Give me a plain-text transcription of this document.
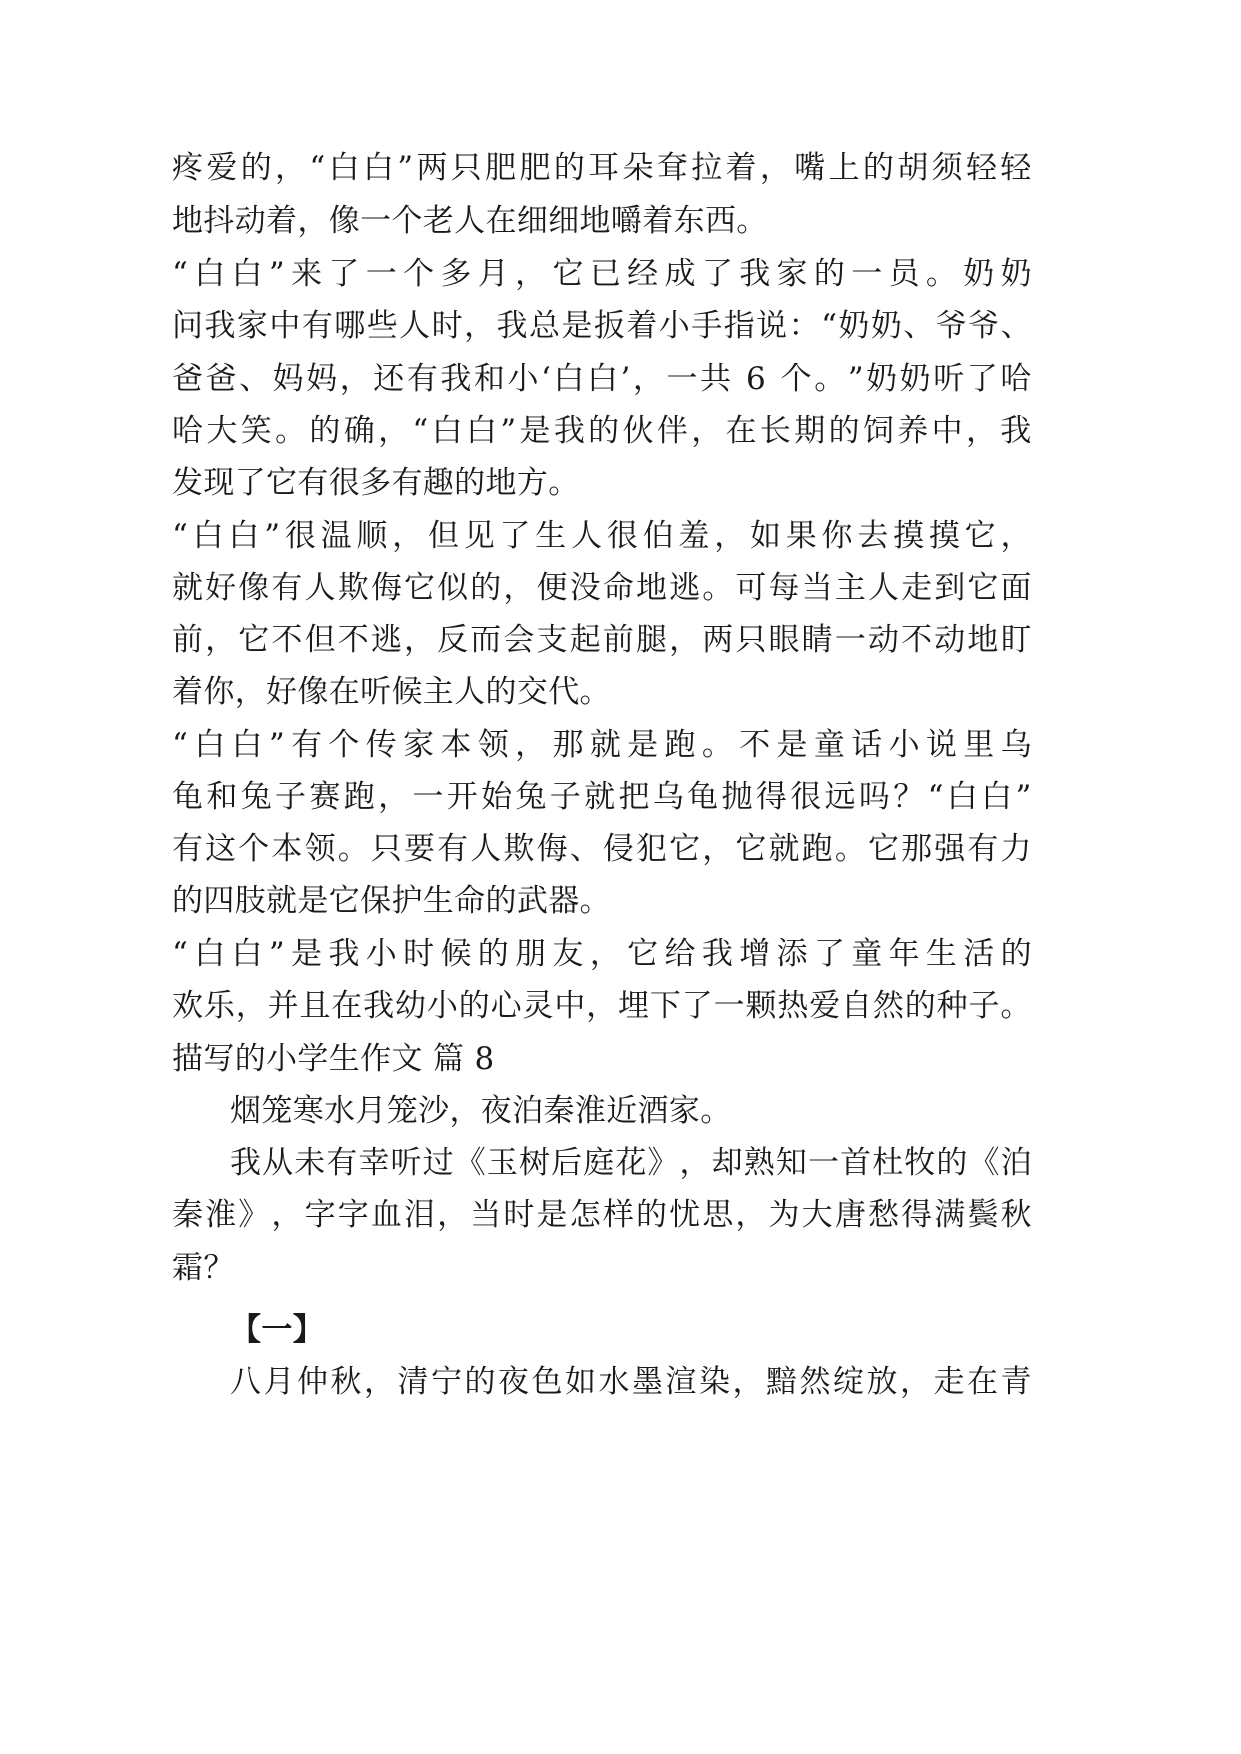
疼 爱 的 ， “ 白 白 ” 两 只 肥 肥 的 耳 朵 耷 拉 着 ， 嘴 上 的 胡 须 轻 轻
地抖动着，像一个老人在细细地嚼着东西。
“ 白 白 ” 来 了 一 个 多 月 ， 它 已 经 成 了 我 家 的 一 员 。 奶 奶
问 我 家 中 有 哪 些 人 时 ， 我 总 是 扳 着 小 手 指 说 ： “ 奶 奶 、 爷 爷 、
爸 爸 、 妈 妈 ， 还 有 我 和 小 ‘ 白 白 ’ ， 一 共
6
个 。 ” 奶 奶 听 了 哈
哈 大 笑 。 的 确 ， “ 白 白 ” 是 我 的 伙 伴 ， 在 长 期 的 饲 养 中 ， 我
发现了它有很多有趣的地方。
“ 白 白 ” 很 温 顺 ， 但 见 了 生 人 很 伯 羞 ， 如 果 你 去 摸 摸 它 ，
就 好 像 有 人 欺 侮 它 似 的 ， 便 没 命 地 逃 。 可 每 当 主 人 走 到 它 面
前 ， 它 不 但 不 逃 ， 反 而 会 支 起 前 腿 ， 两 只 眼 睛 一 动 不 动 地 盯
着你，好像在听候主人的交代。
“ 白 白 ” 有 个 传 家 本 领 ， 那 就 是 跑 。 不 是 童 话 小 说 里 乌
龟 和 兔 子 赛 跑 ， 一 开 始 兔 子 就 把 乌 龟 抛 得 很 远 吗 ？ “ 白 白 ”
有 这 个 本 领 。 只 要 有 人 欺 侮 、 侵 犯 它 ， 它 就 跑 。 它 那 强 有 力
的四肢就是它保护生命的武器。
“ 白 白 ” 是 我 小 时 候 的 朋 友 ， 它 给 我 增 添 了 童 年 生 活 的
欢 乐 ， 并 且 在 我 幼 小 的 心 灵 中 ， 埋 下 了 一 颗 热 爱 自 然 的 种 子 。
描写的小学生作文 篇 8
烟笼寒水月笼沙，夜泊秦淮近酒家。
我 从 未 有 幸 听 过 《 玉 树 后 庭 花 》 ， 却 熟 知 一 首 杜 牧 的 《 泊
秦 淮 》 ， 字 字 血 泪 ， 当 时 是 怎 样 的 忧 思 ， 为 大 唐 愁 得 满 鬓 秋
霜？
【一】
八 月 仲 秋 ， 清 宁 的 夜 色 如 水 墨 渲 染 ， 黯 然 绽 放 ， 走 在 青
